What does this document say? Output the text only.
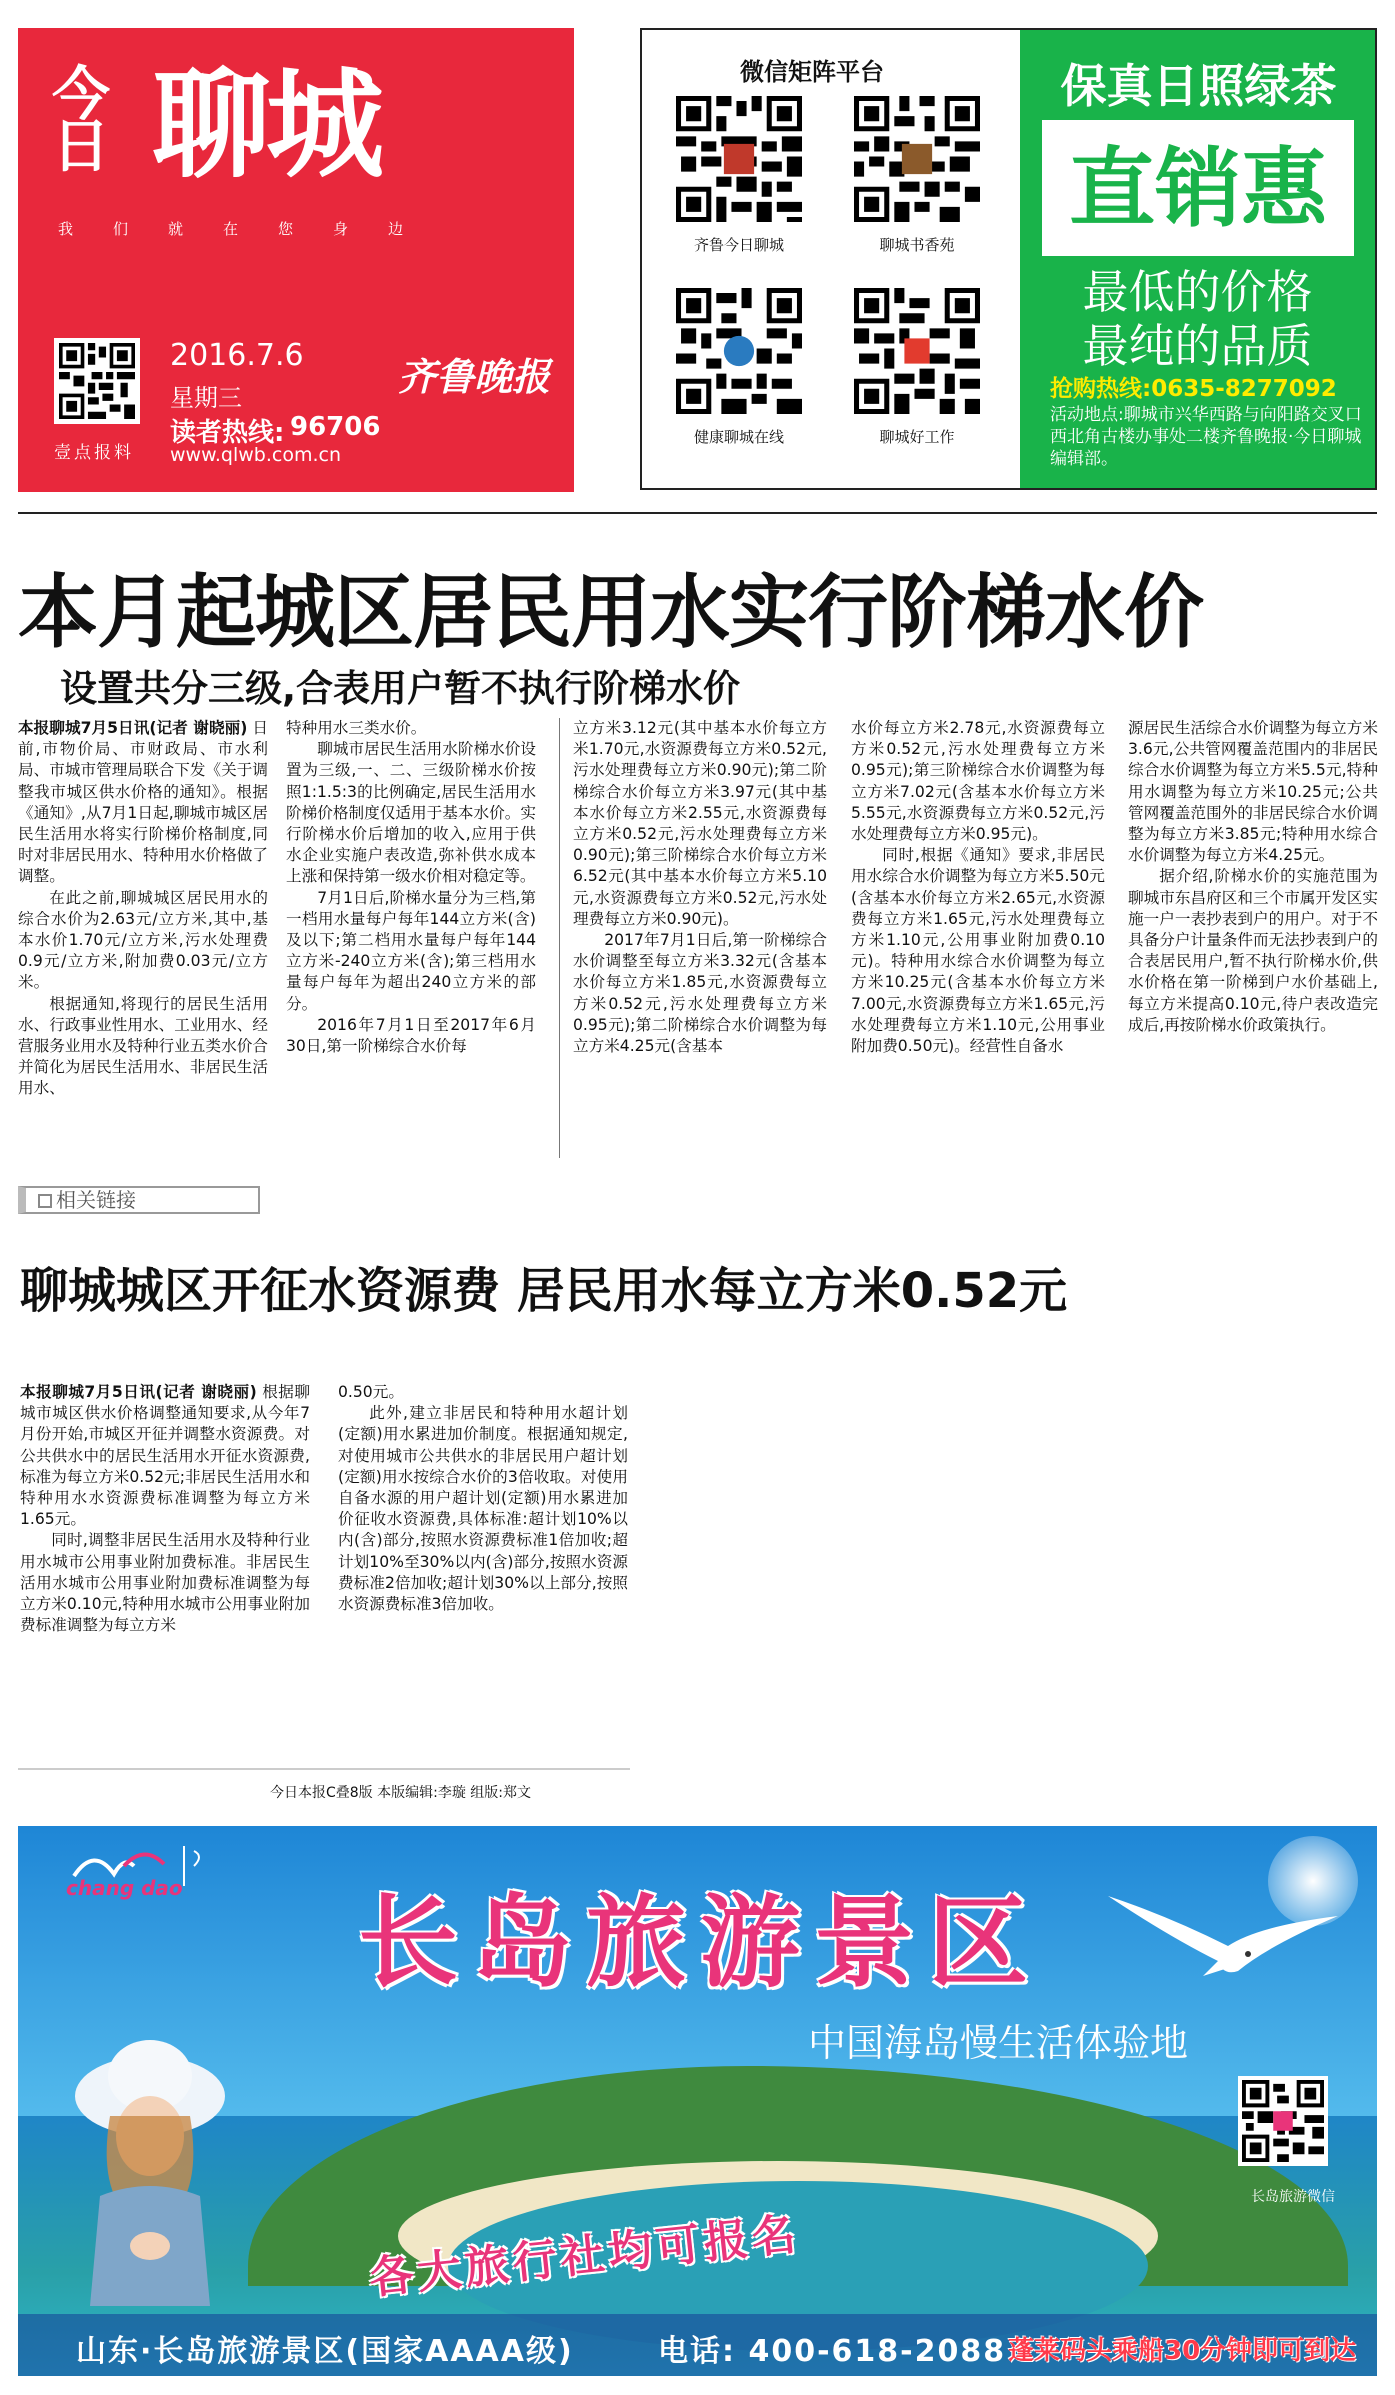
今日 聊城
我们就在您身边
壹点报料
2016.7.6
星期三
读者热线: 96706
www.qlwb.com.cn
齐鲁晚报
微信矩阵平台
齐鲁今日聊城	聊城书香苑
健康聊城在线	聊城好工作
保真日照绿茶
直销惠
最低的价格
最纯的品质
抢购热线:0635-8277092
活动地点:聊城市兴华西路与向阳路交叉口西北角古楼办事处二楼齐鲁晚报·今日聊城编辑部。
本月起城区居民用水实行阶梯水价
设置共分三级,合表用户暂不执行阶梯水价

本报聊城7月5日讯(记者 谢晓丽) 日前,市物价局、市财政局、市水利局、市城市管理局联合下发《关于调整我市城区供水价格的通知》。根据《通知》,从7月1日起,聊城市城区居民生活用水将实行阶梯价格制度,同时对非居民用水、特种用水价格做了调整。

在此之前,聊城城区居民用水的综合水价为2.63元/立方米,其中,基本水价1.70元/立方米,污水处理费0.9元/立方米,附加费0.03元/立方米。

根据通知,将现行的居民生活用水、行政事业性用水、工业用水、经营服务业用水及特种行业五类水价合并简化为居民生活用水、非居民生活用水、

特种用水三类水价。

聊城市居民生活用水阶梯水价设置为三级,一、二、三级阶梯水价按照1:1.5:3的比例确定,居民生活用水阶梯价格制度仅适用于基本水价。实行阶梯水价后增加的收入,应用于供水企业实施户表改造,弥补供水成本上涨和保持第一级水价相对稳定等。

7月1日后,阶梯水量分为三档,第一档用水量每户每年144立方米(含)及以下;第二档用水量每户每年144立方米-240立方米(含);第三档用水量每户每年为超出240立方米的部分。

2016年7月1日至2017年6月30日,第一阶梯综合水价每

立方米3.12元(其中基本水价每立方米1.70元,水资源费每立方米0.52元,污水处理费每立方米0.90元);第二阶梯综合水价每立方米3.97元(其中基本水价每立方米2.55元,水资源费每立方米0.52元,污水处理费每立方米0.90元);第三阶梯综合水价每立方米6.52元(其中基本水价每立方米5.10元,水资源费每立方米0.52元,污水处理费每立方米0.90元)。

2017年7月1日后,第一阶梯综合水价调整至每立方米3.32元(含基本水价每立方米1.85元,水资源费每立方米0.52元,污水处理费每立方米0.95元);第二阶梯综合水价调整为每立方米4.25元(含基本

水价每立方米2.78元,水资源费每立方米0.52元,污水处理费每立方米0.95元);第三阶梯综合水价调整为每立方米7.02元(含基本水价每立方米5.55元,水资源费每立方米0.52元,污水处理费每立方米0.95元)。

同时,根据《通知》要求,非居民用水综合水价调整为每立方米5.50元(含基本水价每立方米2.65元,水资源费每立方米1.65元,污水处理费每立方米1.10元,公用事业附加费0.10元)。特种用水综合水价调整为每立方米10.25元(含基本水价每立方米7.00元,水资源费每立方米1.65元,污水处理费每立方米1.10元,公用事业附加费0.50元)。经营性自备水

源居民生活综合水价调整为每立方米3.6元,公共管网覆盖范围内的非居民综合水价调整为每立方米5.5元,特种用水调整为每立方米10.25元;公共管网覆盖范围外的非居民综合水价调整为每立方米3.85元;特种用水综合水价调整为每立方米4.25元。

据介绍,阶梯水价的实施范围为聊城市东昌府区和三个市属开发区实施一户一表抄表到户的用户。对于不具备分户计量条件而无法抄表到户的合表居民用户,暂不执行阶梯水价,供水价格在第一阶梯到户水价基础上,每立方米提高0.10元,待户表改造完成后,再按阶梯水价政策执行。

相关链接
聊城城区开征水资源费 居民用水每立方米0.52元

本报聊城7月5日讯(记者 谢晓丽) 根据聊城市城区供水价格调整通知要求,从今年7月份开始,市城区开征并调整水资源费。对公共供水中的居民生活用水开征水资源费,标准为每立方米0.52元;非居民生活用水和特种用水水资源费标准调整为每立方米1.65元。

同时,调整非居民生活用水及特种行业用水城市公用事业附加费标准。非居民生活用水城市公用事业附加费标准调整为每立方米0.10元,特种用水城市公用事业附加费标准调整为每立方米

0.50元。

此外,建立非居民和特种用水超计划(定额)用水累进加价制度。根据通知规定,对使用城市公共供水的非居民用户超计划(定额)用水按综合水价的3倍收取。对使用自备水源的用户超计划(定额)用水累进加价征收水资源费,具体标准:超计划10%以内(含)部分,按照水资源费标准1倍加收;超计划10%至30%以内(含)部分,按照水资源费标准2倍加收;超计划30%以上部分,按照水资源费标准3倍加收。

今日本报C叠8版 本版编辑:李璇 组版:郑文
chang dao 长岛旅游景区
中国海岛慢生活体验地
各大旅行社均可报名
长岛旅游微信
山东·长岛旅游景区(国家AAAA级)	电话: 400-618-2088 蓬莱码头乘船30分钟即可到达
